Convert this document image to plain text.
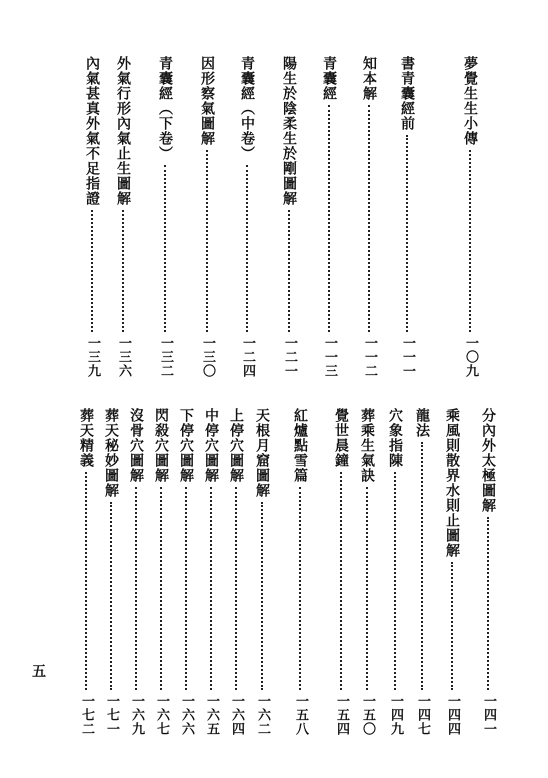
夢覺生生小傳
一〇九
書青囊經前
一一一
知本解
一一二
青囊經
一一三
陽生於陰柔生於剛圖解
一二一
青囊經（中卷）
一二四
因形察氣圖解
一三〇
青囊經（下卷）
一三二
外氣行形內氣止生圖解
一三六
內氣甚真外氣不足指證
一三九
分內外太極圖解
一四一
乘風則散界水則止圖解
一四四
龍法
一四七
穴象指陳
一四九
葬乘生氣訣
一五〇
覺世晨鐘
一五四
紅爐點雪篇
一五八
天根月窟圖解
一六二
上停穴圖解
一六四
中停穴圖解
一六五
下停穴圖解
一六六
閃殺穴圖解
一六七
沒骨穴圖解
一六九
葬天秘妙圖解
一七一
葬天精義
一七二
五
